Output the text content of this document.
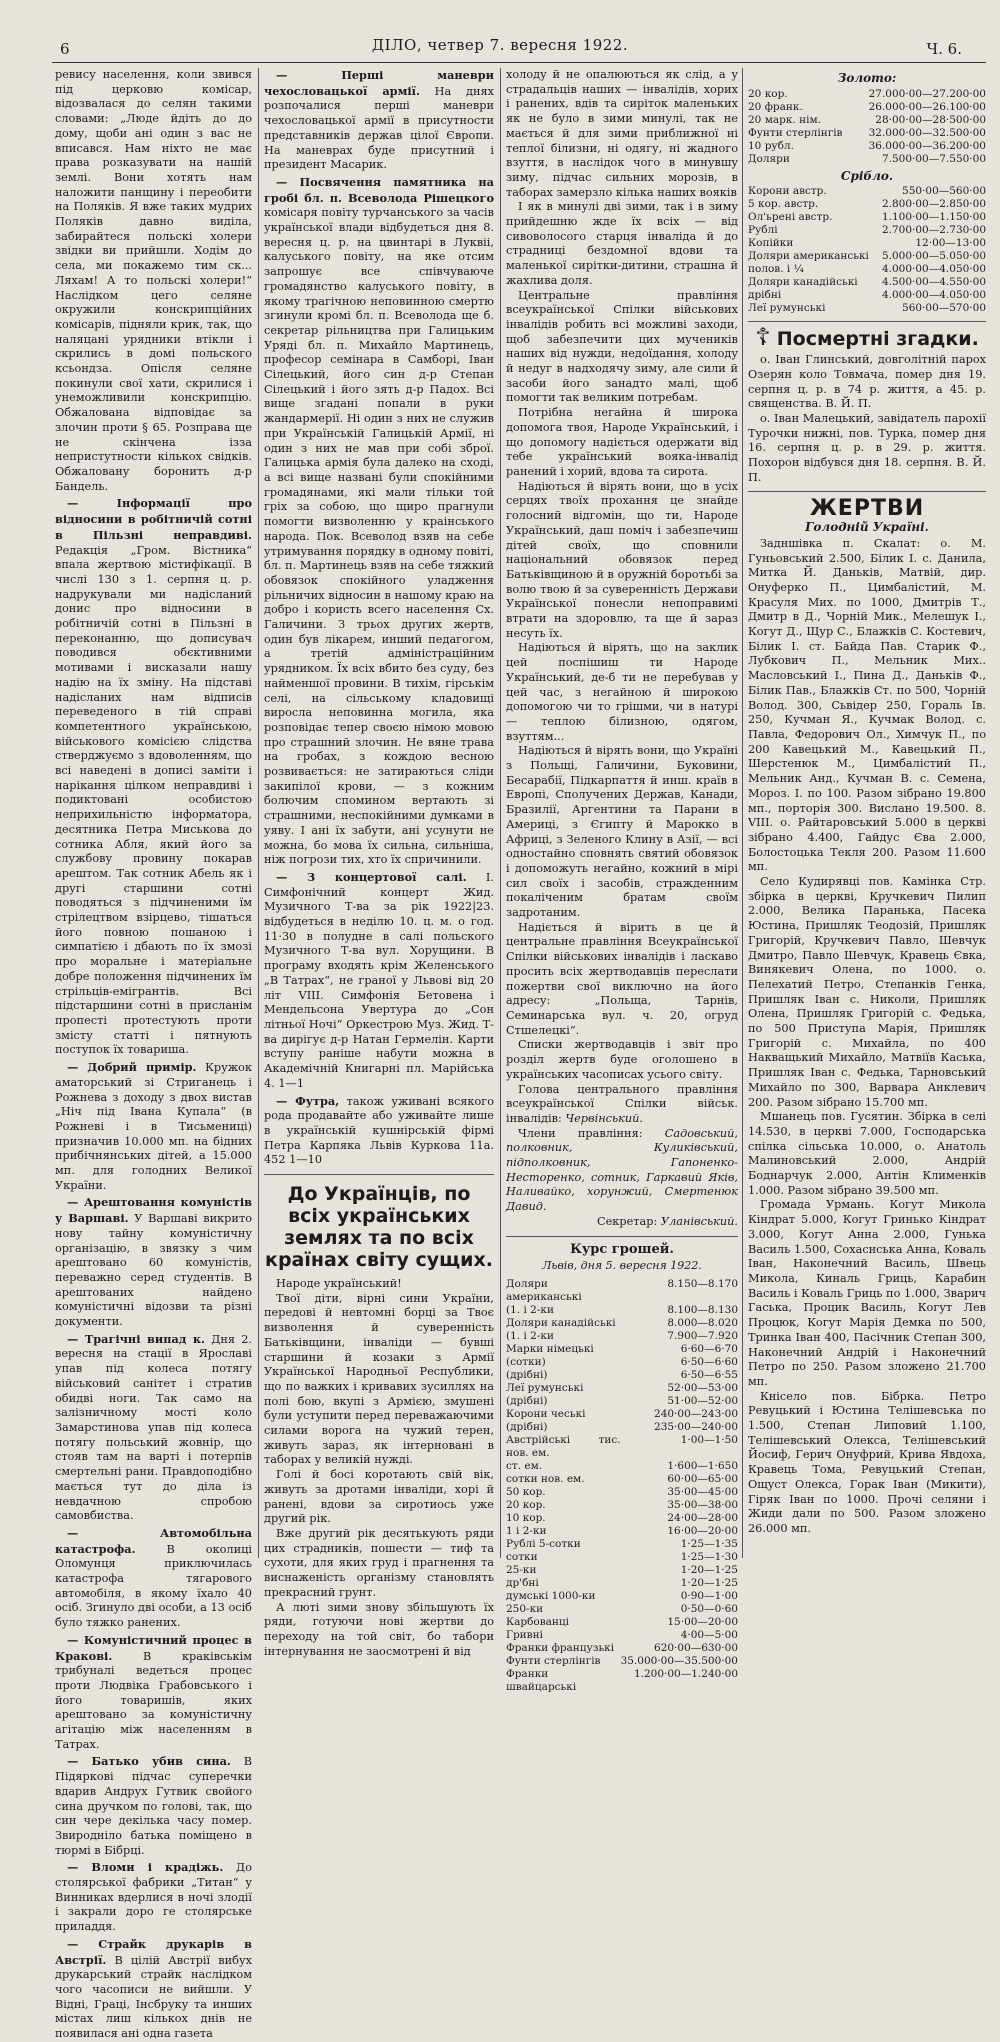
6	ДІЛО, четвер 7. вересня 1922.	Ч. 6.

ревису населення, коли звився під церковю комісар, відозвалася до селян такими словами: „Люде йдіть до до дому, щоби ані один з вас не вписався. Нам ніхто не має права розказувати на нашій землі. Вони хотять нам наложити панщину і переобити на Поляків. Я вже таких мудрих Поляків давно виділа, забирайтеся польскі холери звідки ви прийшли. Ходім до села, ми покажемо тим ск... Ляхам! А то польскі холери!“ Наслідком цего селяне окружили конскрипційних комісарів, підняли крик, так, що наляцані урядники втікли і скрились в домі польского ксьондза. Опісля селяне покинули свої хати, скрилися і унеможливили конскрипцію. Обжалована відповідає за злочин проти § 65. Розправа ще не скінчена ізза непристутности кількох свідків. Обжаловану боронить д-р Бандель.

— Інформації про відносини в робітничій сотні в Пільзні неправдиві. Редакція „Гром. Вістника“ впала жертвою містифікації. В числі 130 з 1. серпня ц. р. надрукували ми надісланий донис про відносини в робітничій сотні в Пільзні в переконанню, що дописувач поводився обєктивними мотивами і висказали нашу надію на їх зміну. На підставі надісланих нам відписів переведеного в тій справі компетентного українською, військового комісією слідства стверджуємо з вдоволенням, що всі наведені в дописі заміти і нарікання цілком неправдиві і подиктовані особистою неприхильністю інформатора, десятника Петра Миськова до сотника Абля, який його за службову провину покарав арештом. Так сотник Абель як і другі старшини сотні поводяться з підчиненими їм стрілецтвом взірцево, тішаться його повною пошаною і симпатією і дбають по їх змозі про моральне і матеріальне добре положення підчинених їм стрільців-емігрантів. Всі підстаршини сотні в присланім пропесті протестують проти змісту статті і пятнують поступок їх товариша.

— Добрий примір. Кружок аматорський зі Стриганець і Рожнева з доходу з двох вистав „Ніч під Івана Купала“ (в Рожневі і в Тисьмениці) призначив 10.000 мп. на бідних прибічнянських дітей, а 15.000 мп. для голодних Великої України.

— Арештовання комуністів у Варшаві. У Варшаві викрито нову тайну комуністичну організацію, в звязку з чим арештовано 60 комуністів, переважно серед студентів. В арештованих найдено комуністичні відозви та різні документи.

— Трагічні випад к. Дня 2. вересня на стації в Ярославі упав під колеса потягу військовий санітет і стратив обидві ноги. Так само на залізничному мості коло Замарстинова упав під колеса потягу польський жовнір, що стояв там на варті і потерпів смертельні рани. Правдоподібно мається тут до діла із невдачною спробою самовбиства.

— Автомобільна катастрофа. В околиці Оломунця приключилась катастрофа тягарового автомобіля, в якому їхало 40 осіб. Згинуло дві особи, а 13 осіб було тяжко ранених.

— Комуністичний процес в Кракові. В краківськім трибуналі ведеться процес проти Людвіка Грабовського і його товаришів, яких арештовано за комуністичну агітацію між населенням в Татрах.

— Батько убив сина. В Підяркові підчас суперечки вдарив Андрух Гутвик свойого сина дручком по голові, так, що син чере декілька часу помер. Звиродніло батька поміщено в тюрмі в Бібрці.

— Вломи і крадіжь. До столярської фабрики „Титан“ у Винниках вдерлися в ночі злодії і закрали доро ге столярське приладдя.

— Страйк друкарів в Австрії. В цілій Австрії вибух друкарський страйк наслідком чого часописи не вийшли. У Відні, Граці, Інсбруку та инших містах лиш кількох днів не появилася ані одна газета

— Перші маневри чехословацької армії. На днях розпочалися перші маневри чехословацької армії в присутности представників держав цілої Європи. На маневрах буде присутний і президент Масарик.

— Посвячення памятника на гробі бл. п. Всеволода Рішецкого комісаря повіту турчанського за часів української влади відбудеться дня 8. вересня ц. р. на цвинтарі в Луквіі, калуського повіту, на яке отсим запрошує все співчуваюче громадянство калуського повіту, в якому трагічною неповинною смертю згинули кромі бл. п. Всеволода ще б. секретар рільництва при Галицьким Уряді бл. п. Михайло Мартинець, професор семінара в Самборі, Іван Сілецький, його син д-р Степан Сілецький і його зять д-р Падох. Всі вище згадані попали в руки жандармерії. Ні один з них не служив при Українській Галицькій Армії, ні один з них не мав при собі зброї. Галицька армія була далеко на сході, а всі вище названі були спокійними громадянами, які мали тільки той гріх за собою, що щиро прагнули помогти визволенню у краінського народа. Пок. Всеволод взяв на себе утримування порядку в одному повіті, бл. п. Мартинець взяв на себе тяжкий обовязок спокійного уладження рільничих відносин в нашому краю на добро і користь всего населення Сх. Галичини. З трьох других жертв, один був лікарем, инший педагогом, а третій адміністраційним урядником. Їх всіх вбито без суду, без найменшої провини. В тихім, гірськім селі, на сільському кладовищі виросла неповинна могила, яка розповідає тепер своєю німою мовою про страшний злочин. Не вяне трава на гробах, з кождою весною розвивається: не затираються сліди закипілої крови, — з кожним болючим спомином вертають зі страшними, неспокійними думками в уяву. І ані їх забути, ані усунути не можна, бо мова їх сильна, сильніша, ніж погрози тих, хто їх спричинили.

— З концертової салі. І. Симфонічний концерт Жид. Музичного Т-ва за рік 1922|23. відбудеться в неділю 10. ц. м. о год. 11·30 в полудне в салі польского Музичного Т-ва вул. Хорущини. В програму входять крім Желенського „В Татрах“, не граної у Львові від 20 літ VIII. Симфонія Бетовена і Мендельсона Увертура до „Сон літньої Ночі“ Оркестрою Муз. Жид. Т-ва дирігує д-р Натан Гермелін. Карти вступу раніше набути можна в Академічній Книгарні пл. Марійська 4. 1—1

— Футра, також уживані всякого рода продавайте або уживайте лише в українській кушнірській фірмі Петра Карпяка Львів Куркова 11а. 452 1—10

До Українців, по всіх українських землях та по всіх країнах світу сущих.

Народе український!

Твої діти, вірні сини України, передові й невтомні борці за Твоє визволення й суверенність Батьківщини, інваліди — бувші старшини й козаки з Армії Української Народньої Республики, що по важких і кривавих зусиллях на полі бою, вкупі з Армією, змушені були уступити перед переважаючими силами ворога на чужий терен, живуть зараз, як інтерновані в таборах у великій нужді.

Голі й босі коротають свій вік, живуть за дротами інваліди, хорі й ранені, вдови за сиротиось уже другий рік.

Вже другий рік десятькують ряди цих страдників, пошести — тиф та сухоти, для яких груд і прагнення та виснаженість організму становлять прекрасний грунт.

А люті зими знову збільшують їх ряди, готуючи нові жертви до переходу на той світ, бо табори інтернування не заосмотрені й від

холоду й не опалюються як слід, а у страдальців наших — інвалідів, хорих і ранених, вдів та сиріток маленьких як не було в зими минулі, так не мається й для зими приближної ні теплої білизни, ні одягу, ні жадного взуття, в наслідок чого в минувшу зиму, підчас сильних морозів, в таборах замерзло кілька наших вояків

І як в минулі дві зими, так і в зиму прийдешню ждe їх всіх — від сивоволосого старця інваліда й до страдниці бездомної вдови та маленької сирітки-дитини, страшна й жахлива доля.

Центральне правління всеукраїнської Спілки військових інвалідів робить всі можливі заходи, щоб забезпечити цих мучеників наших від нужди, недоїдання, холоду й недуг в надходячу зиму, але сили й засоби його занадто малі, щоб помогти так великим потребам.

Потрібна негайна й широка допомога твоя, Народе Український, і що допомогу надіється одержати від тебе український вояка-інвалід ранений і хорий, вдова та сирота.

Надіються й вірять вони, що в усіх серцях твоїх прохання це знайде голосний відгомін, що ти, Народе Український, даш поміч і забезпечиш дітей своїх, що сповнили національний обовязок перед Батьківщиною й в оружній боротьбі за волю твою й за суверенність Держави Української понесли непоправимі втрати на здоровлю, та ще й зараз несуть їх.

Надіються й вірять, що на заклик цей поспішиш ти Народе Український, де-б ти не перебував у цей час, з негайною й широкою допомогою чи то грішми, чи в натурі — теплою білизною, одягом, взуттям...

Надіються й вірять вони, що Україні з Польщі, Галичини, Буковини, Бесарабії, Підкарпаття й инш. країв в Европі, Сполучених Держав, Канади, Бразилії, Аргентини та Парани в Америці, з Єгипту й Марокко в Африці, з Зеленого Клину в Азії, — всі одностайно сповнять святий обовязок і допоможуть негайно, кожний в мірі сил своїх і засобів, стражденним покаліченим братам своїм задротаним.

Надіється й вірить в це й центральне правління Всеукраїнської Спілки військових інвалідів і ласкаво просить всіх жертводавців переслати пожертви свої виключно на його адресу: „Польща, Тарнів, Семинарська вул. ч. 20, огруд Стшелецкі“.

Списки жертводавців і звіт про розділ жертв буде оголошено в українських часописах усього світу.

Голова центрального правління всеукраїнської Спілки військ. інвалідів: Червінський.

Члени правління: Садовський, полковник, Куликівський, підполковник, Гапоненко-Несторенко, сотник, Гаркавий Яків, Наливайко, хорунжий, Смертенюк Давид.

Секретар: Уланівський.

Курс грошей.
Львів, дня 5. вересня 1922.
Доляри американські	8.150—8.170
(1. і 2-ки	8.100—8.130
Доляри канадійські	8.000—8.020
(1. і 2-ки	7.900—7.920
Марки німецькі	6·60—6·70
(сотки)	6·50—6·60
(дрібні)	6·50—6·55
Леї румунські	52·00—53·00
(дрібні)	51·00—52·00
Корони чеські	240·00—243·00
(дрібні)	235·00—240·00
Австрійські тис. нов. ем.	1·00—1·50
ст. ем.	1·600—1·650
сотки нов. ем.	60·00—65·00
50 кор.	35·00—45·00
20 кор.	35·00—38·00
10 кор.	24·00—28·00
1 і 2-ки	16·00—20·00
Рублі 5-сотки	1·25—1·35
сотки	1·25—1·30
25-ки	1·20—1·25
др'бні	1·20—1·25
думські 1000-ки	0·90—1·00
250-ки	0·50—0·60
Карбованці	15·00—20·00
Гривні	4·00—5·00
Франки французькі	620·00—630·00
Фунти стерлінгів	35.000·00—35.500·00
Франки швайцарські	1.200·00—1.240·00
Золото:
20 кор.	27.000·00—27.200·00
20 франк.	26.000·00—26.100·00
20 марк. нім.	28·00·00—28·500·00
Фунти стерлінгів	32.000·00—32.500·00
10 рубл.	36.000·00—36.200·00
Доляри	7.500·00—7.550·00
Срібло.
Корони австр.	550·00—560·00
5 кор. австр.	2.800·00—2.850·00
Ол'ьрені австр.	1.100·00—1.150·00
Рублі	2.700·00—2.730·00
Копійки	12·00—13·00
Доляри американські	5.000·00—5.050·00
полов. і ¼	4.000·00—4.050·00
Доляри канадійські	4.500·00—4.550·00
дрібні	4.000·00—4.050·00
Леї румунські	560·00—570·00
☦ Посмертні згадки.

о. Іван Глинський, довголітній парох Озерян коло Товмача, помер дня 19. серпня ц. р. в 74 р. життя, а 45. р. священства. В. Й. П.

о. Іван Малецький, завідатель парохії Турочки нижні, пов. Турка, помер дня 16. серпня ц. р. в 29. р. життя. Похорон відбувся дня 18. серпня. В. Й. П.

ЖЕРТВИ
Голодній Україні.

Задншівка п. Скалат: о. М. Гуньовський 2.500, Білик І. с. Данила, Митка Й. Даньків, Матвій, дир. Онуферко П., Цимбалістий, М. Красуля Мих. по 1000, Дмитрів Т., Дмитр в Д., Чорній Мик., Мелешук І., Когут Д., Щур С., Блажків С. Костевич, Білик І. ст. Байда Пав. Старик Ф., Лубкович П., Мельник Мих.. Масловський І., Пина Д., Даньків Ф., Білик Пав., Блажків Ст. по 500, Чорній Волод. 300, Сьвідер 250, Гораль Ів. 250, Кучман Я., Кучмак Волод. с. Павла, Федорович Ол., Химчук П., по 200 Кавецький М., Кавецький П., Шерстенюк М., Цимбалістий П., Мельник Анд., Кучман В. с. Семена, Мороз. І. по 100. Разом зібрано 19.800 мп., порторія 300. Висланo 19.500. 8. VIII. о. Райтаровський 5.000 в церкві зібрано 4.400, Гайдус Єва 2.000, Болостоцька Текля 200. Разом 11.600 мп.

Село Кудирявці пов. Камінка Стр. збірка в церкві, Кручкевич Пилип 2.000, Велика Паранька, Пасека Юстина, Пришляк Теодозій, Пришляк Григорій, Кручкевич Павло, Шевчук Дмитро, Павло Шевчук, Кравець Євка, Винякевич Олена, по 1000. о. Пелехатий Петро, Степанків Генка, Пришляк Іван с. Николи, Пришляк Олена, Пришляк Григорій с. Федька, по 500 Приступа Марія, Пришляк Григорій с. Михайла, по 400 Накващький Михайло, Матвіїв Каська, Пришляк Іван с. Федька, Тарновський Михайло по 300, Варвара Анклевич 200. Разом зібрано 15.700 мп.

Мшанець пов. Гусятин. Збірка в селі 14.530, в церкві 7.000, Господарська спілка сільська 10.000, о. Анатоль Малиновський 2.000, Андрій Боднарчук 2.000, Антін Клименків 1.000. Разом зібрано 39.500 мп.

Громада Урмань. Когут Микола Кіндрат 5.000, Когут Гринько Кіндрат 3.000, Когут Анна 2.000, Гунька Василь 1.500, Сохаснська Анна, Коваль Іван, Наконечний Василь, Швець Микола, Киналь Гриць, Карабин Василь і Коваль Гриць по 1.000, Зварич Гаська, Процик Василь, Когут Лев Процюк, Когут Марія Демка по 500, Тринка Іван 400, Пасічник Степан 300, Наконечний Андрій і Наконечний Петро по 250. Разом зложено 21.700 мп.

Кнісело пов. Бібрка. Петро Ревуцький і Юстина Телішевська по 1.500, Степан Липовий 1.100, Телішевський Олекса, Телішевський Йосиф, Герич Онуфрий, Крива Явдоха, Кравець Тома, Ревуцький Степан, Ощуст Олекса, Горак Іван (Микити), Гіряк Іван по 1000. Прочі селяни і Жиди дали по 500. Разом зложено 26.000 мп.
